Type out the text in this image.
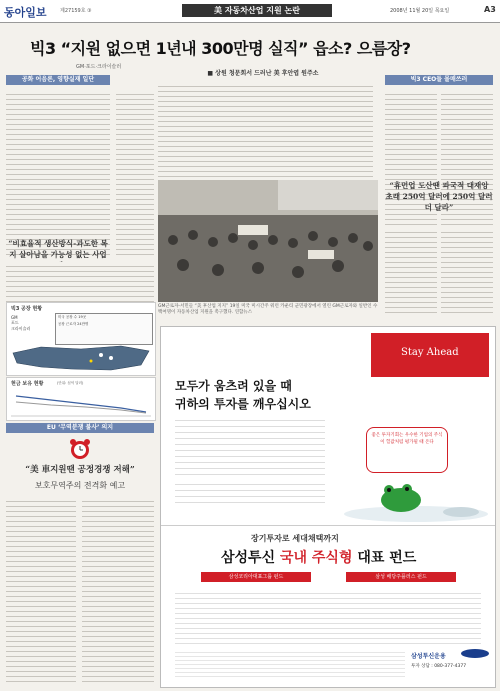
동아일보	제27159호 ③	美 자동차산업 지원 논란	2008년 11월 20일 목요일	A3
빅3 “지원 없으면 1년내 300만명 실직” 읍소? 으름장?
GM·포드·크라이슬러
공화 어음론, 영향실재 일단
“비효율적 생산방식-과도한 복지 살아남을 가능성 없는 사업
빅3 공장 현황
GM
포드
크라이슬러
미국 공장 수 19곳
공장 근로자 24만명
현금 보유 현황	(단위: 십억 달러)
EU ‘무역분쟁 불사’ 의지
“美 車지원땐 공정경쟁 저해”
보호무역주의 전격화 예고
■ 상원 청문회서 드러난 美 후안엽 원주소
GM근로자-서민들 “美 후산업 지지” 19일 미국 미시간주 워런 카운티 군민광장에서 열린 GM근로자와 일반인 수백여명이 자동차산업 지원을 촉구했다. 연합뉴스
빅3 CEO들 몰매쓰러
“휴먼업 도산땐 파국적 대재앙 초래 250억 달러에 250억 달러 더 달라”
Stay Ahead
모두가 움츠려 있을 때
귀하의 투자를 깨우십시오
좋은 투자기회는 우수한 기업의 주식이 헐값처럼 평가될 때 온다
장기투자로 세대채택까지
삼성투신 국내 주식형 대표 펀드
삼성코리아대표그룹 펀드	삼성 배당주플러스 펀드
삼성투신운용
투자 상담 : 080-377-4377
